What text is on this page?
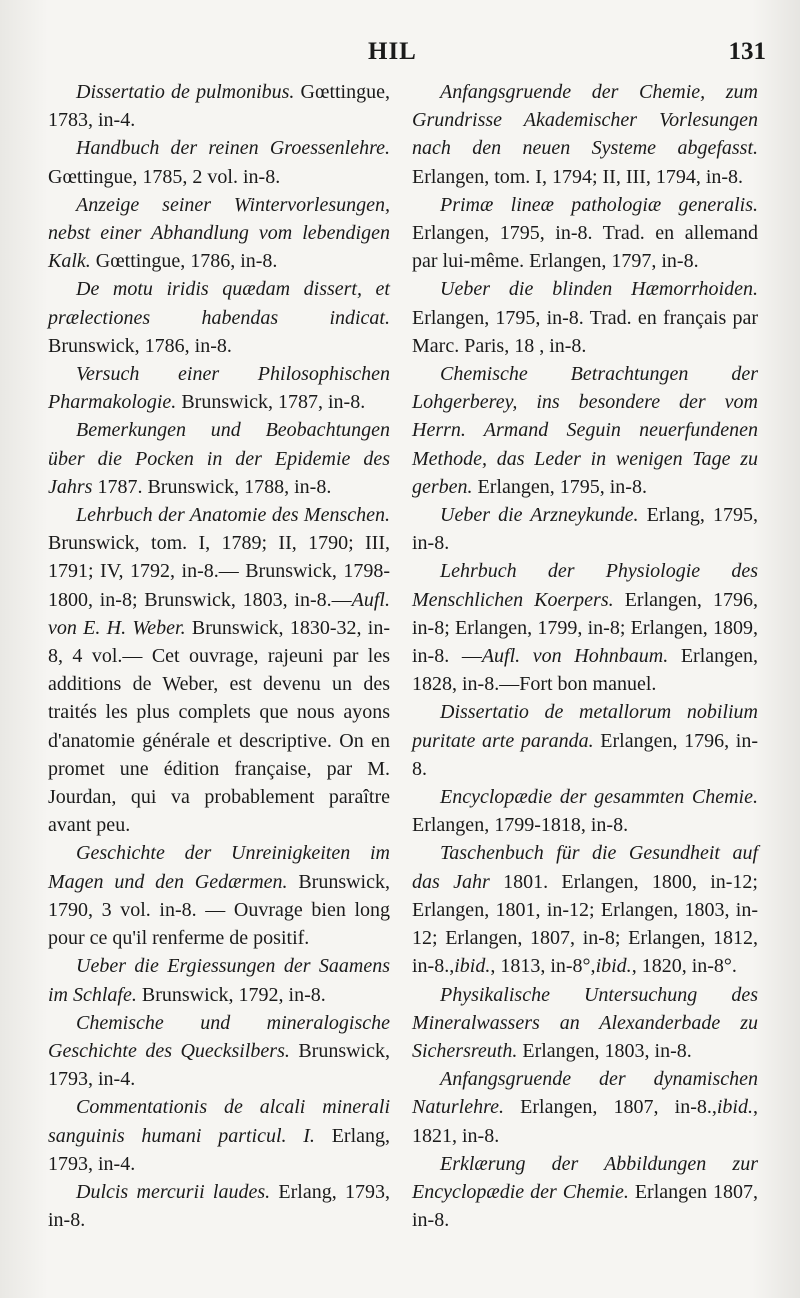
HIL	131

Dissertatio de pulmonibus. Gœttingue, 1783, in-4.

Handbuch der reinen Groessenlehre. Gœttingue, 1785, 2 vol. in-8.

Anzeige seiner Wintervorlesungen, nebst einer Abhandlung vom lebendigen Kalk. Gœttingue, 1786, in-8.

De motu iridis quædam dissert, et prælectiones habendas indicat. Brunswick, 1786, in-8.

Versuch einer Philosophischen Pharmakologie. Brunswick, 1787, in-8.

Bemerkungen und Beobachtungen über die Pocken in der Epidemie des Jahrs 1787. Brunswick, 1788, in-8.

Lehrbuch der Anatomie des Menschen. Brunswick, tom. I, 1789; II, 1790; III, 1791; IV, 1792, in-8.— Brunswick, 1798-1800, in-8; Brunswick, 1803, in-8.—Aufl. von E. H. Weber. Brunswick, 1830-32, in-8, 4 vol.— Cet ouvrage, rajeuni par les additions de Weber, est devenu un des traités les plus complets que nous ayons d'anatomie générale et descriptive. On en promet une édition française, par M. Jourdan, qui va probablement paraître avant peu.

Geschichte der Unreinigkeiten im Magen und den Gedærmen. Brunswick, 1790, 3 vol. in-8. — Ouvrage bien long pour ce qu'il renferme de positif.

Ueber die Ergiessungen der Saamens im Schlafe. Brunswick, 1792, in-8.

Chemische und mineralogische Geschichte des Quecksilbers. Brunswick, 1793, in-4.

Commentationis de alcali minerali sanguinis humani particul. I. Erlang, 1793, in-4.

Dulcis mercurii laudes. Erlang, 1793, in-8.

Anfangsgruende der Chemie, zum Grundrisse Akademischer Vorlesungen nach den neuen Systeme abgefasst. Erlangen, tom. I, 1794; II, III, 1794, in-8.

Primæ lineæ pathologiæ generalis. Erlangen, 1795, in-8. Trad. en allemand par lui-même. Erlangen, 1797, in-8.

Ueber die blinden Hæmorrhoiden. Erlangen, 1795, in-8. Trad. en français par Marc. Paris, 18 , in-8.

Chemische Betrachtungen der Lohgerberey, ins besondere der vom Herrn. Armand Seguin neuerfundenen Methode, das Leder in wenigen Tage zu gerben. Erlangen, 1795, in-8.

Ueber die Arzneykunde. Erlang, 1795, in-8.

Lehrbuch der Physiologie des Menschlichen Koerpers. Erlangen, 1796, in-8; Erlangen, 1799, in-8; Erlangen, 1809, in-8. —Aufl. von Hohnbaum. Erlangen, 1828, in-8.—Fort bon manuel.

Dissertatio de metallorum nobilium puritate arte paranda. Erlangen, 1796, in-8.

Encyclopædie der gesammten Chemie. Erlangen, 1799-1818, in-8.

Taschenbuch für die Gesundheit auf das Jahr 1801. Erlangen, 1800, in-12; Erlangen, 1801, in-12; Erlangen, 1803, in-12; Erlangen, 1807, in-8; Erlangen, 1812, in-8.,ibid., 1813, in-8°,ibid., 1820, in-8°.

Physikalische Untersuchung des Mineralwassers an Alexanderbade zu Sichersreuth. Erlangen, 1803, in-8.

Anfangsgruende der dynamischen Naturlehre. Erlangen, 1807, in-8.,ibid., 1821, in-8.

Erklærung der Abbildungen zur Encyclopædie der Chemie. Erlangen 1807, in-8.
